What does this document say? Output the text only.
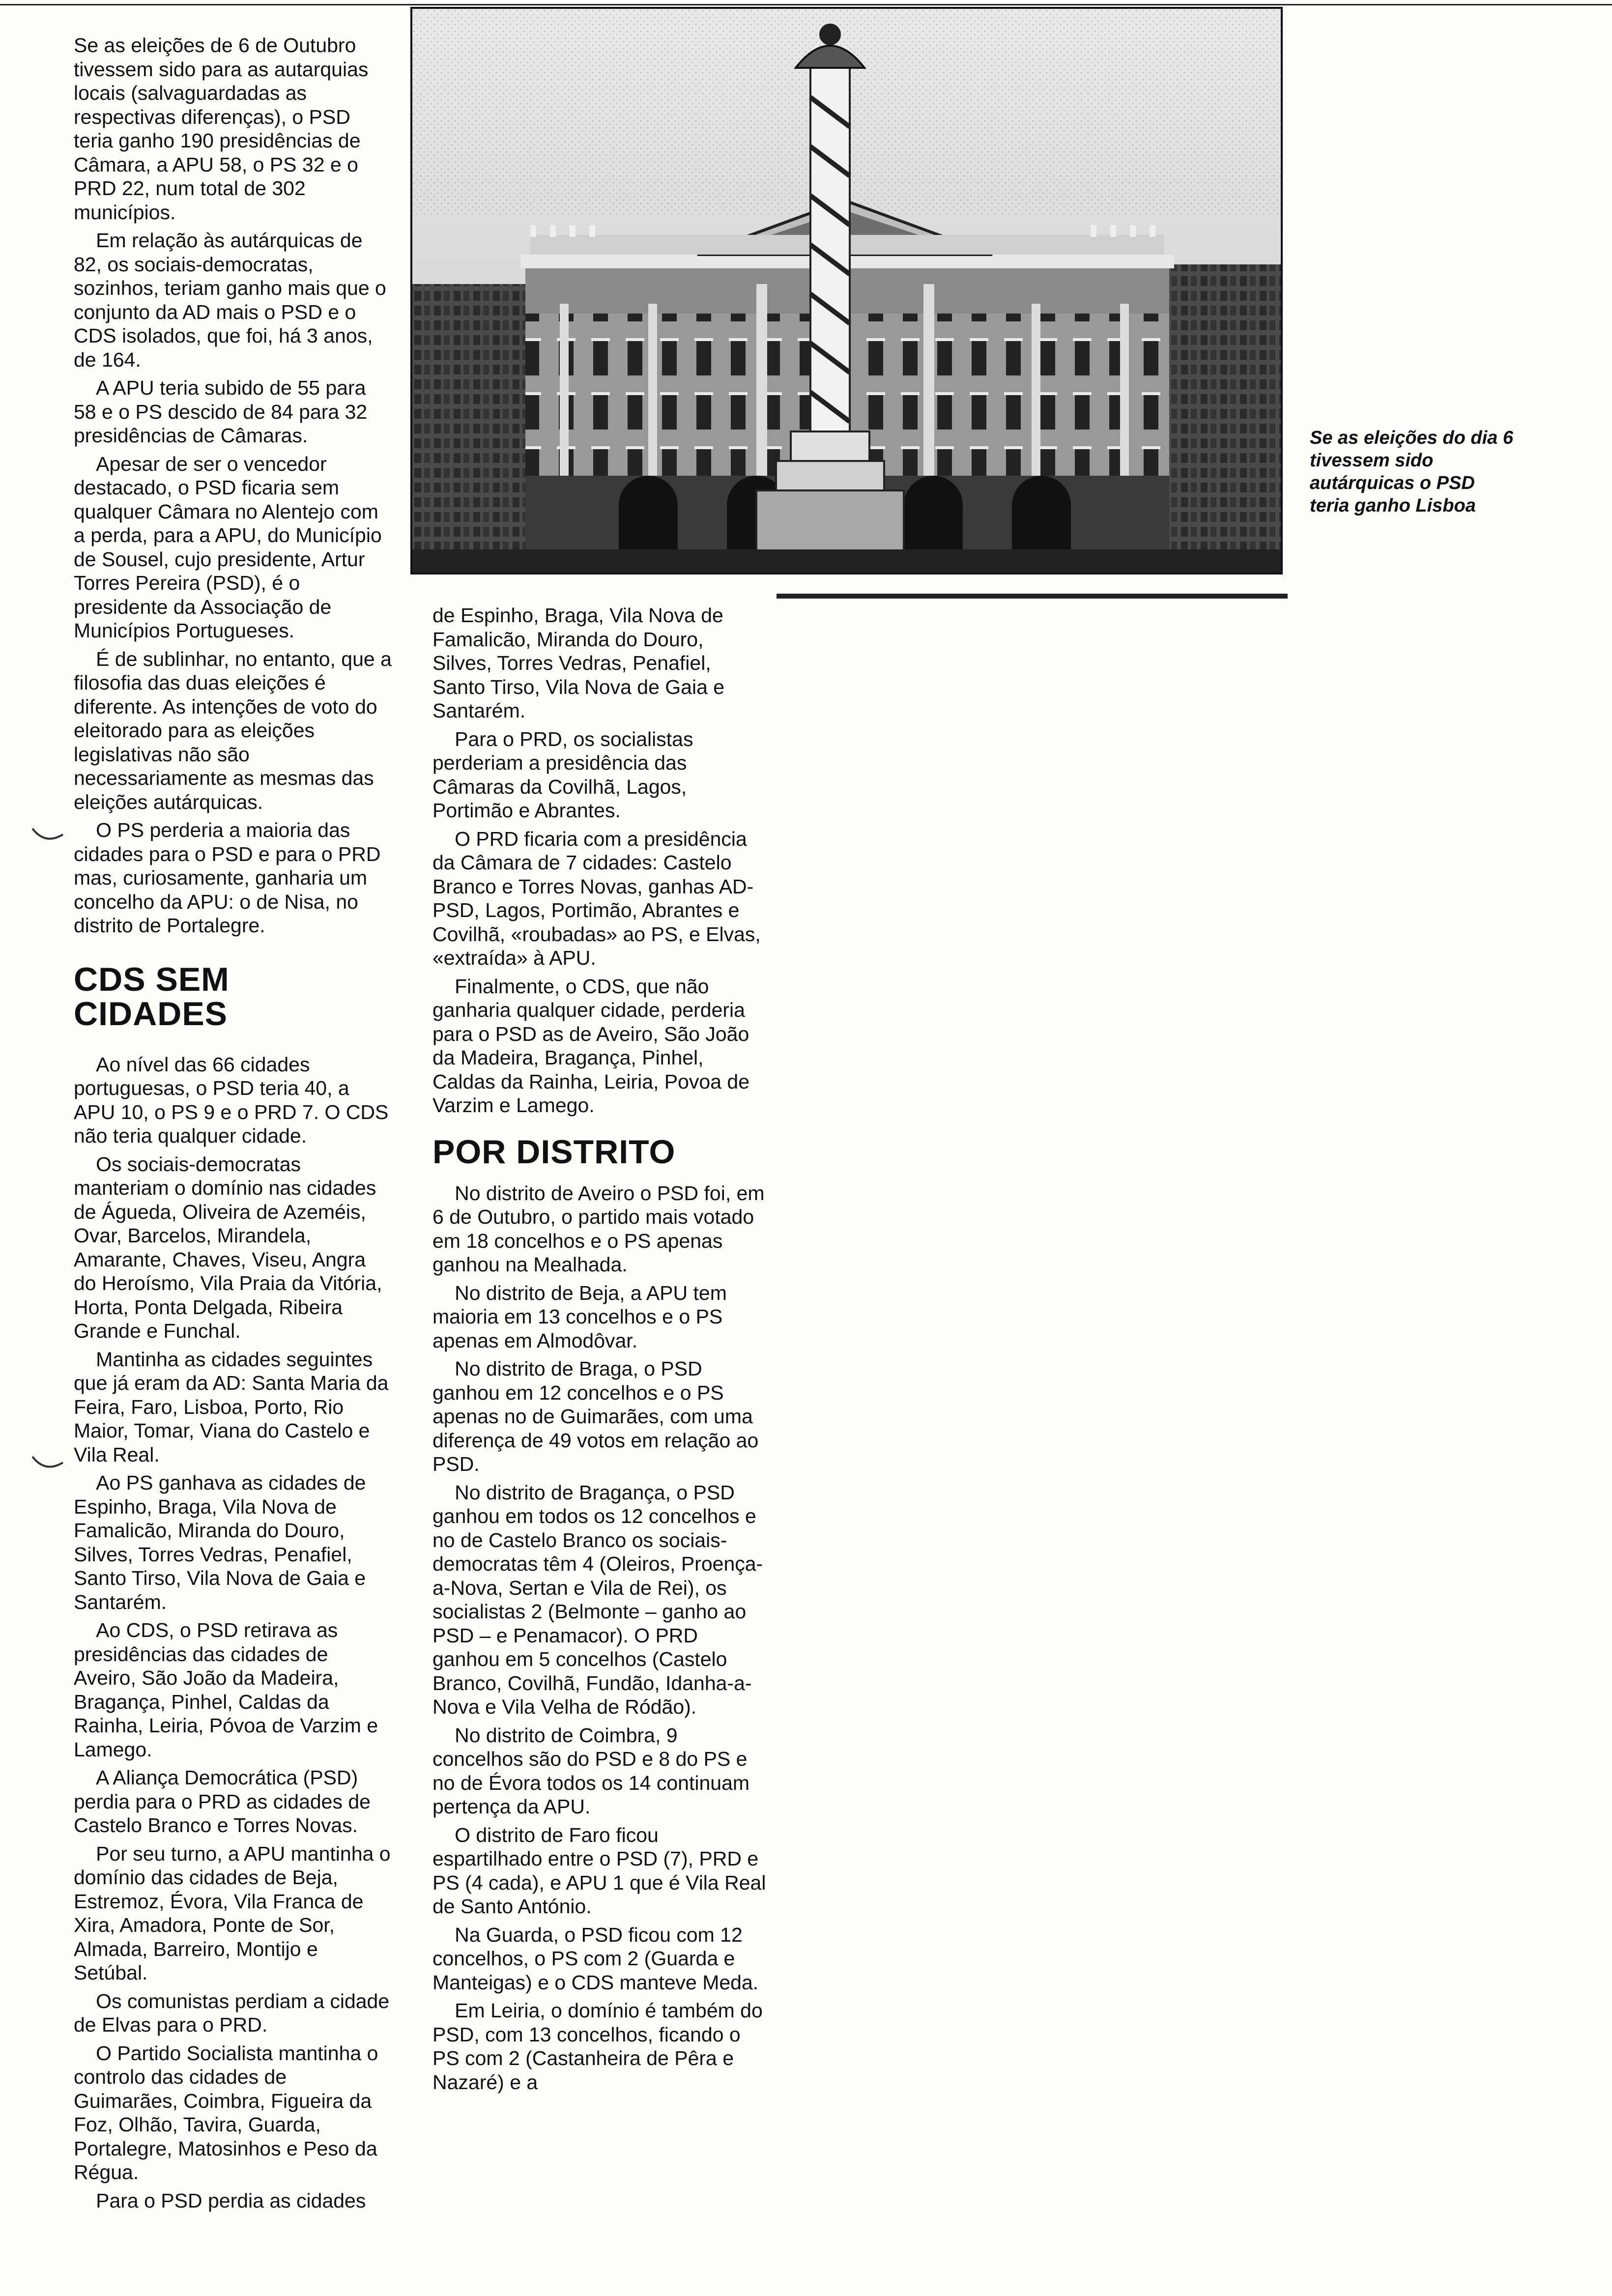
Se as eleições de 6 de Outubro tivessem sido para as autarquias locais (salvaguardadas as respectivas diferenças), o PSD teria ganho 190 presidências de Câmara, a APU 58, o PS 32 e o PRD 22, num total de 302 municípios.

Em relação às autárquicas de 82, os sociais-democratas, sozinhos, teriam ganho mais que o conjunto da AD mais o PSD e o CDS isolados, que foi, há 3 anos, de 164.

A APU teria subido de 55 para 58 e o PS descido de 84 para 32 presidências de Câmaras.

Apesar de ser o vencedor destacado, o PSD ficaria sem qualquer Câmara no Alentejo com a perda, para a APU, do Município de Sousel, cujo presidente, Artur Torres Pereira (PSD), é o presidente da Associação de Municípios Portugueses.

É de sublinhar, no entanto, que a filosofia das duas eleições é diferente. As intenções de voto do eleitorado para as eleições legislativas não são necessariamente as mesmas das eleições autárquicas.

O PS perderia a maioria das cidades para o PSD e para o PRD mas, curiosamente, ganharia um concelho da APU: o de Nisa, no distrito de Portalegre.

CDS SEM CIDADES

Ao nível das 66 cidades portuguesas, o PSD teria 40, a APU 10, o PS 9 e o PRD 7. O CDS não teria qualquer cidade.

Os sociais-democratas manteriam o domínio nas cidades de Águeda, Oliveira de Azeméis, Ovar, Barcelos, Mirandela, Amarante, Chaves, Viseu, Angra do Heroísmo, Vila Praia da Vitória, Horta, Ponta Delgada, Ribeira Grande e Funchal.

Mantinha as cidades seguintes que já eram da AD: Santa Maria da Feira, Faro, Lisboa, Porto, Rio Maior, Tomar, Viana do Castelo e Vila Real.

Ao PS ganhava as cidades de Espinho, Braga, Vila Nova de Famalicão, Miranda do Douro, Silves, Torres Vedras, Penafiel, Santo Tirso, Vila Nova de Gaia e Santarém.

Ao CDS, o PSD retirava as presidências das cidades de Aveiro, São João da Madeira, Bragança, Pinhel, Caldas da Rainha, Leiria, Póvoa de Varzim e Lamego.

A Aliança Democrática (PSD) perdia para o PRD as cidades de Castelo Branco e Torres Novas.

Por seu turno, a APU mantinha o domínio das cidades de Beja, Estremoz, Évora, Vila Franca de Xira, Amadora, Ponte de Sor, Almada, Barreiro, Montijo e Setúbal.

Os comunistas perdiam a cidade de Elvas para o PRD.

O Partido Socialista mantinha o controlo das cidades de Guimarães, Coimbra, Figueira da Foz, Olhão, Tavira, Guarda, Portalegre, Matosinhos e Peso da Régua.

Para o PSD perdia as cidades

Se as eleições do dia 6 tivessem sido autárquicas o PSD teria ganho Lisboa

de Espinho, Braga, Vila Nova de Famalicão, Miranda do Douro, Silves, Torres Vedras, Penafiel, Santo Tirso, Vila Nova de Gaia e Santarém.

Para o PRD, os socialistas perderiam a presidência das Câmaras da Covilhã, Lagos, Portimão e Abrantes.

O PRD ficaria com a presidência da Câmara de 7 cidades: Castelo Branco e Torres Novas, ganhas AD-PSD, Lagos, Portimão, Abrantes e Covilhã, «roubadas» ao PS, e Elvas, «extraída» à APU.

Finalmente, o CDS, que não ganharia qualquer cidade, perderia para o PSD as de Aveiro, São João da Madeira, Bragança, Pinhel, Caldas da Rainha, Leiria, Povoa de Varzim e Lamego.

POR DISTRITO

No distrito de Aveiro o PSD foi, em 6 de Outubro, o partido mais votado em 18 concelhos e o PS apenas ganhou na Mealhada.

No distrito de Beja, a APU tem maioria em 13 concelhos e o PS apenas em Almodôvar.

No distrito de Braga, o PSD ganhou em 12 concelhos e o PS apenas no de Guimarães, com uma diferença de 49 votos em relação ao PSD.

No distrito de Bragança, o PSD ganhou em todos os 12 concelhos e no de Castelo Branco os sociais-democratas têm 4 (Oleiros, Proença-a-Nova, Sertan e Vila de Rei), os socialistas 2 (Belmonte – ganho ao PSD – e Penamacor). O PRD ganhou em 5 concelhos (Castelo Branco, Covilhã, Fundão, Idanha-a-Nova e Vila Velha de Ródão).

No distrito de Coimbra, 9 concelhos são do PSD e 8 do PS e no de Évora todos os 14 continuam pertença da APU.

O distrito de Faro ficou espartilhado entre o PSD (7), PRD e PS (4 cada), e APU 1 que é Vila Real de Santo António.

Na Guarda, o PSD ficou com 12 concelhos, o PS com 2 (Guarda e Manteigas) e o CDS manteve Meda.

Em Leiria, o domínio é também do PSD, com 13 concelhos, ficando o PS com 2 (Castanheira de Pêra e Nazaré) e a
